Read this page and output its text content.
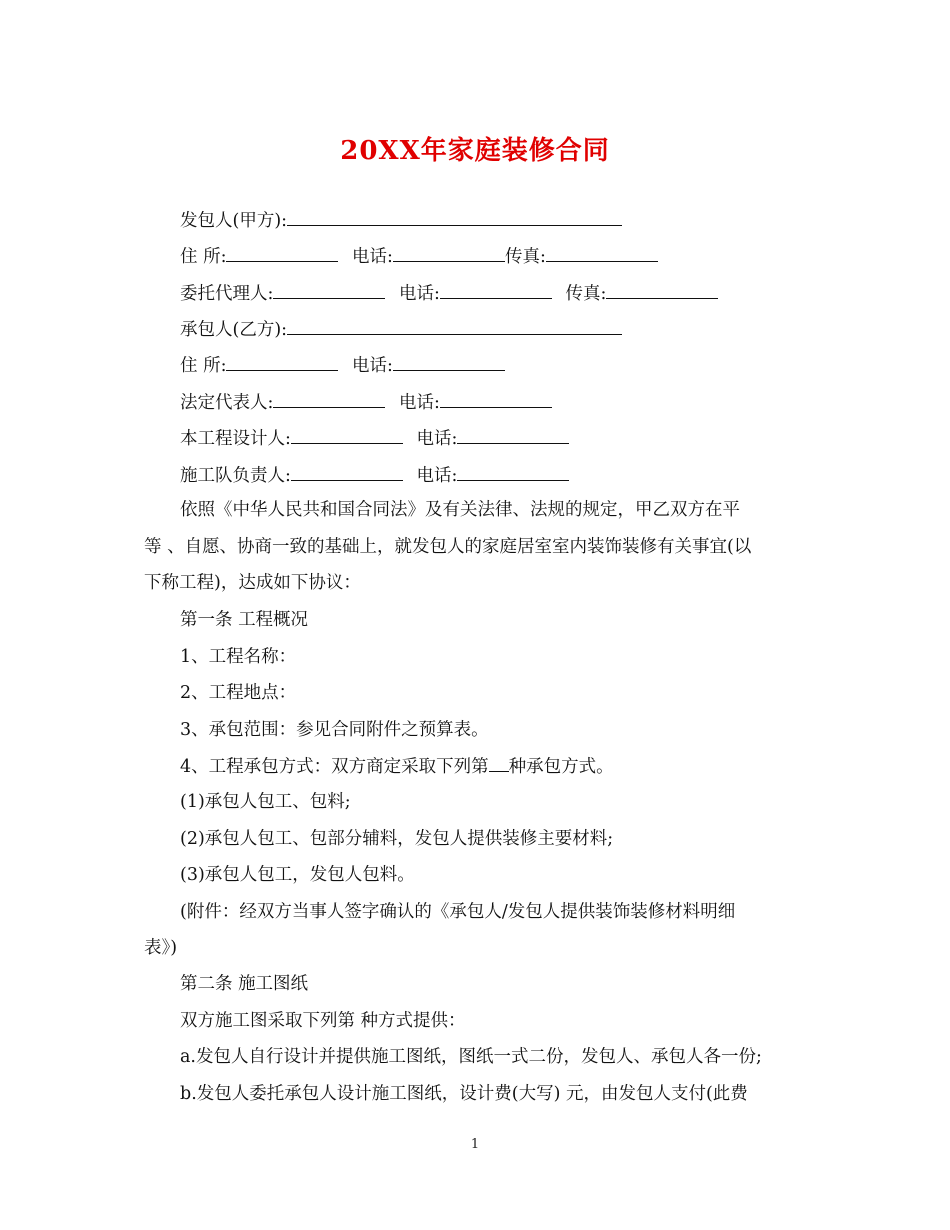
20XX年家庭装修合同
发包人(甲方):
住 所:	电话:	传真:
委托代理人:	电话:	传真:
承包人(乙方):
住 所:	电话:
法定代表人:	电话:
本工程设计人:	电话:
施工队负责人:	电话:
依照《中华人民共和国合同法》及有关法律、法规的规定，甲乙双方在平
等 、自愿、协商一致的基础上，就发包人的家庭居室室内装饰装修有关事宜(以
下称工程)，达成如下协议：
第一条 工程概况
1、工程名称：
2、工程地点：
3、承包范围：参见合同附件之预算表。
4、工程承包方式：双方商定采取下列第 种承包方式。
(1)承包人包工、包料;
(2)承包人包工、包部分辅料，发包人提供装修主要材料;
(3)承包人包工，发包人包料。
(附件：经双方当事人签字确认的《承包人/发包人提供装饰装修材料明细
表》)
第二条 施工图纸
双方施工图采取下列第 种方式提供：
a.发包人自行设计并提供施工图纸，图纸一式二份，发包人、承包人各一份;
b.发包人委托承包人设计施工图纸，设计费(大写) 元，由发包人支付(此费
1
